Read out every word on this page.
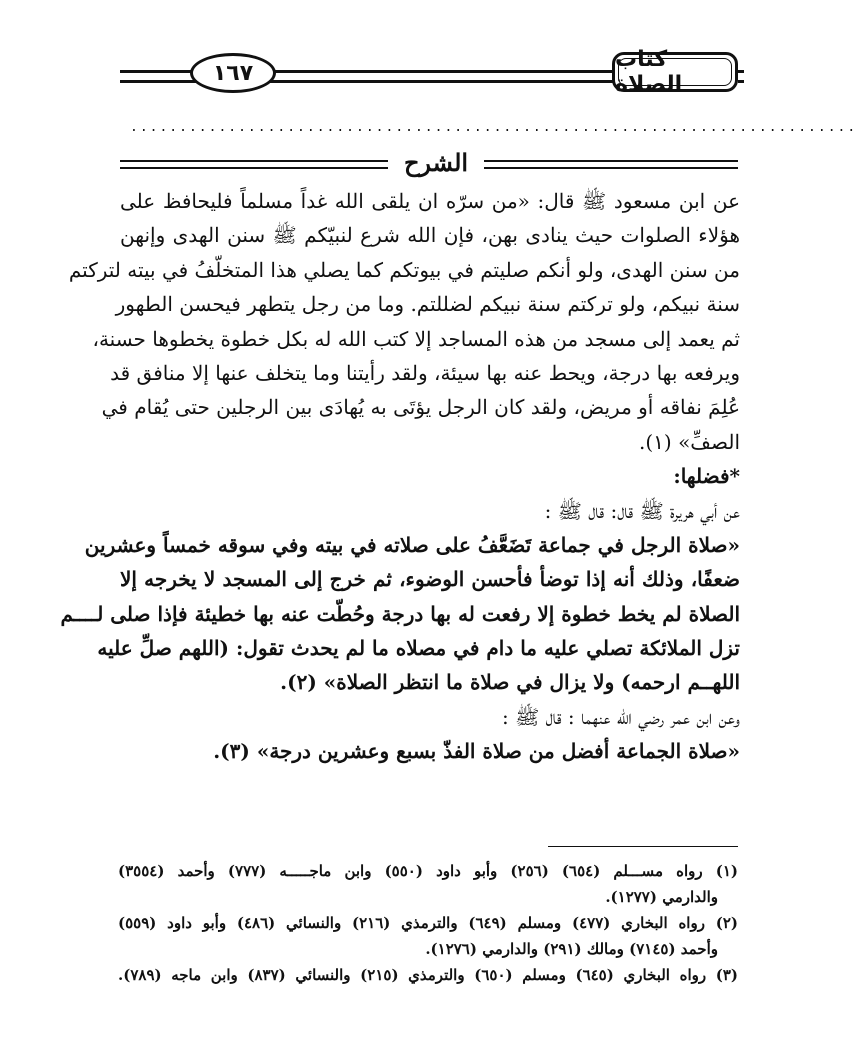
١٦٧
كتاب الصلاة
..........................................................................
الشرح
عن ابن مسعود ﷺ قال: «من سرّه ان يلقى الله غداً مسلماً فليحافظ على
هؤلاء الصلوات حيث ينادى بهن، فإن الله شرع لنبيّكم ﷺ سنن الهدى وإنهن
من سنن الهدى، ولو أنكم صليتم في بيوتكم كما يصلي هذا المتخلّفُ في بيته لتركتم
سنة نبيكم، ولو تركتم سنة نبيكم لضللتم. وما من رجل يتطهر فيحسن الطهور
ثم يعمد إلى مسجد من هذه المساجد إلا كتب الله له بكل خطوة يخطوها حسنة،
ويرفعه بها درجة، ويحط عنه بها سيئة، ولقد رأيتنا وما يتخلف عنها إلا منافق قد
عُلِمَ نفاقه أو مريض، ولقد كان الرجل يؤتَى به يُهادَى بين الرجلين حتى يُقام في
الصفِّ» (١).
*فضلها:
عن أبي هريرة ﷺ قال: قال ﷺ :
«صلاة الرجل في جماعة تَضَعَّفُ على صلاته في بيته وفي سوقه خمساً وعشرين
ضعفًا، وذلك أنه إذا توضأ فأحسن الوضوء، ثم خرج إلى المسجد لا يخرجه إلا
الصلاة لم يخط خطوة إلا رفعت له بها درجة وحُطّت عنه بها خطيئة فإذا صلى لــــم
تزل الملائكة تصلي عليه ما دام في مصلاه ما لم يحدث تقول: (اللهم صلِّ عليه
اللهــم ارحمه) ولا يزال في صلاة ما انتظر الصلاة» (٢).
وعن ابن عمر رضي الله عنهما : قال ﷺ :
«صلاة الجماعة أفضل من صلاة الفذّ بسبع وعشرين درجة» (٣).
(١) رواه مســـلم (٦٥٤) (٢٥٦) وأبو داود (٥٥٠) وابن ماجـــــه (٧٧٧) وأحمد (٣٥٥٤)
والدارمي (١٢٧٧).
(٢) رواه البخاري (٤٧٧) ومسلم (٦٤٩) والترمذي (٢١٦) والنسائي (٤٨٦) وأبو داود (٥٥٩)
وأحمد (٧١٤٥) ومالك (٢٩١) والدارمي (١٢٧٦).
(٣) رواه البخاري (٦٤٥) ومسلم (٦٥٠) والترمذي (٢١٥) والنسائي (٨٣٧) وابن ماجه (٧٨٩).
